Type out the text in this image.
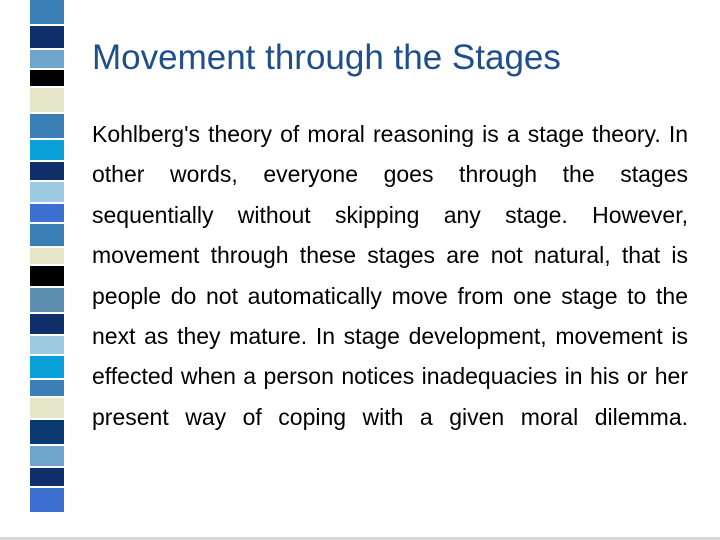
Movement through the Stages

Kohlberg's theory of moral reasoning is a stage theory. In other words, everyone goes through the stages sequentially without skipping any stage. However, movement through these stages are not natural, that is people do not automatically move from one stage to the next as they mature. In stage development, movement is effected when a person notices inadequacies in his or her present way of coping with a given moral dilemma.
